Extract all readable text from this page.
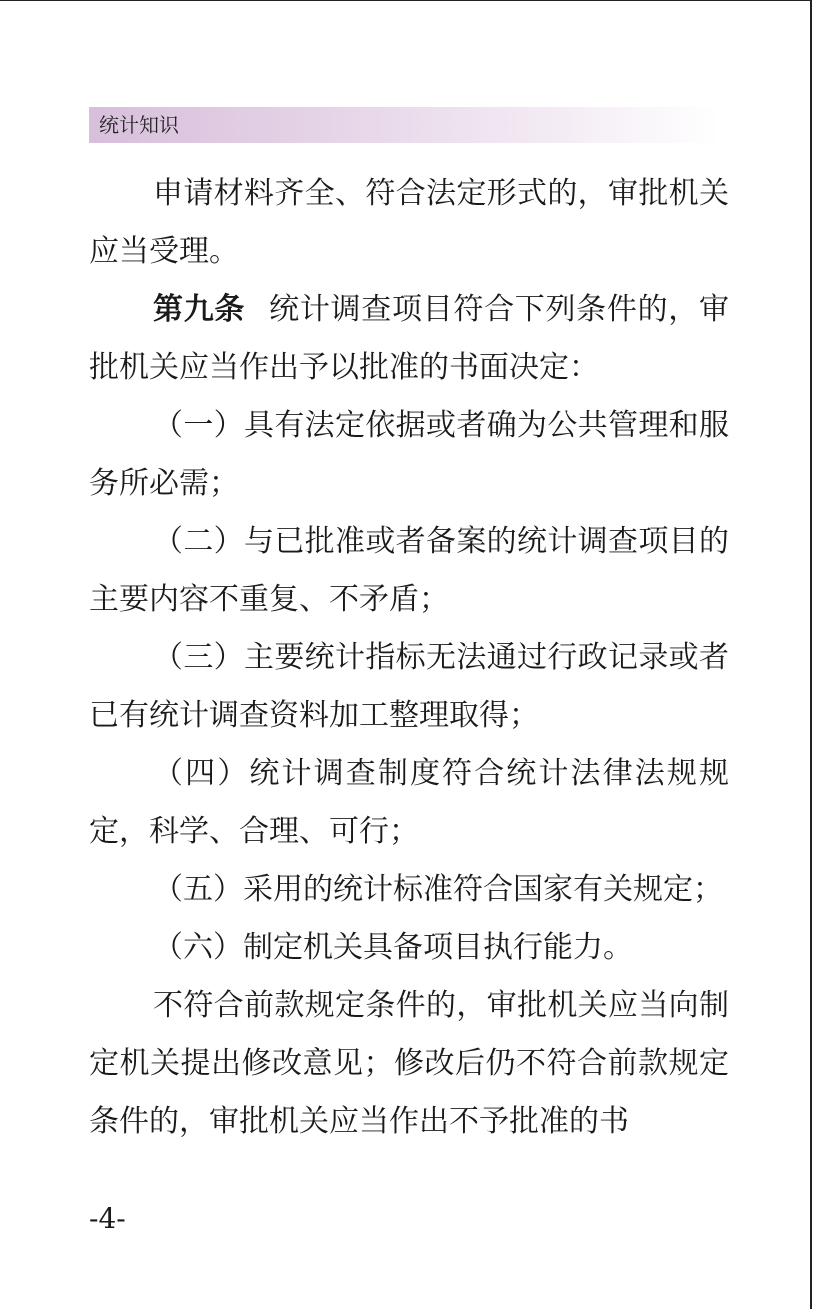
统计知识

申请材料齐全、符合法定形式的，审批机关应当受理。

第九条 统计调查项目符合下列条件的，审批机关应当作出予以批准的书面决定：

（一）具有法定依据或者确为公共管理和服务所必需；

（二）与已批准或者备案的统计调查项目的主要内容不重复、不矛盾；

（三）主要统计指标无法通过行政记录或者已有统计调查资料加工整理取得；

（四）统计调查制度符合统计法律法规规定，科学、合理、可行；

（五）采用的统计标准符合国家有关规定；

（六）制定机关具备项目执行能力。

不符合前款规定条件的，审批机关应当向制定机关提出修改意见；修改后仍不符合前款规定条件的，审批机关应当作出不予批准的书

-4-
